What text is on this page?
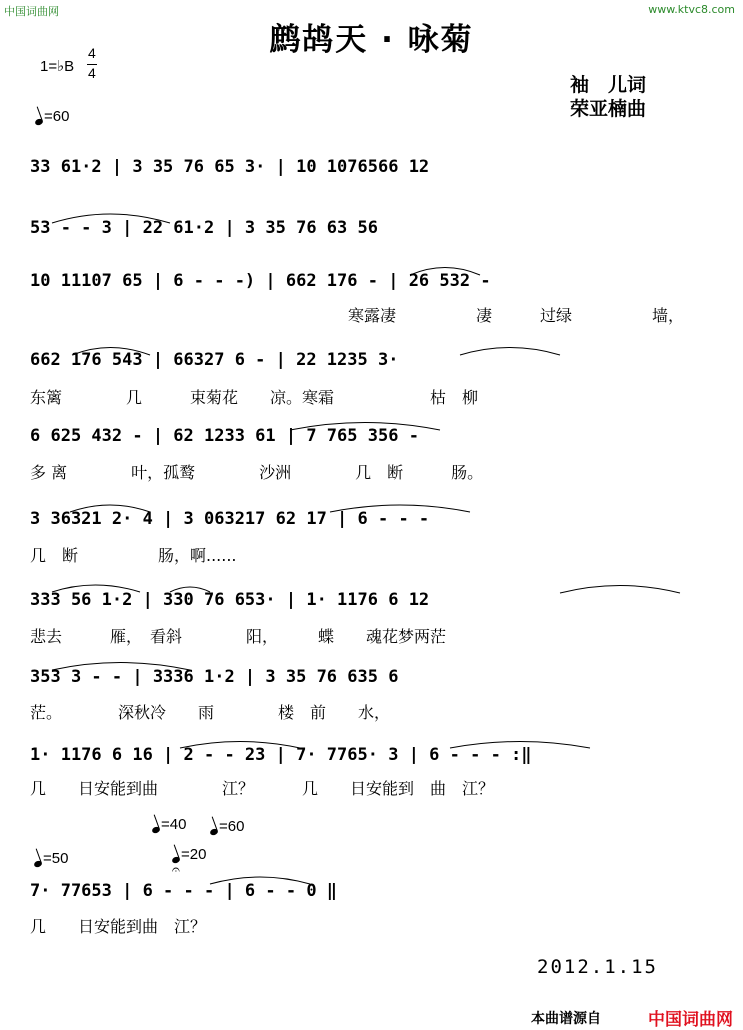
中国词曲网	www.ktvc8.com
鹧鸪天 · 咏菊
1=♭B
4
4
=60
袖　儿词
荣亚楠曲
33 61·2 | 3 35 76 65 3· | 10 1076566 12
53 - - 3 | 22 61·2 | 3 35 76 63 56
10 11107 65 | 6 - - -) | 662 176 - | 26 532 -
寒露凄　　　　　凄　　　过绿　　　　　墙，
662 176 543 | 66327 6 - | 22 1235 3·
东篱　　　　几　　　束菊花　　凉。寒霜　　　　　　枯　柳
6 625 432 - | 62 1233 61 | 7 765 356 -
多 离　　　　叶，孤鹜　　　　沙洲　　　　几　断　　　肠。
3 36321 2· 4 | 3 063217 62 17 | 6 - - -
几　断　　　　　肠，啊......
333 56 1·2 | 330 76 653· | 1· 1176 6 12
悲去　　　雁，　看斜　　　　阳，　　　蝶　　魂花梦两茫
353 3 - - | 3336 1·2 | 3 35 76 635 6
茫。　　　　深秋冷　　雨　　　　楼　前　　水，
1· 1176 6 16 | 2 - - 23 | 7· 7765· 3 | 6 - - - :‖
几　　日安能到曲　　　　江？　　　几　　日安能到　曲　江？
=40	=60
=50	=20
𝄐
7· 77653 | 6 - - - | 6 - - 0 ‖
几　　日安能到曲　江？
2012.1.15
本曲谱源自	中国词曲网
